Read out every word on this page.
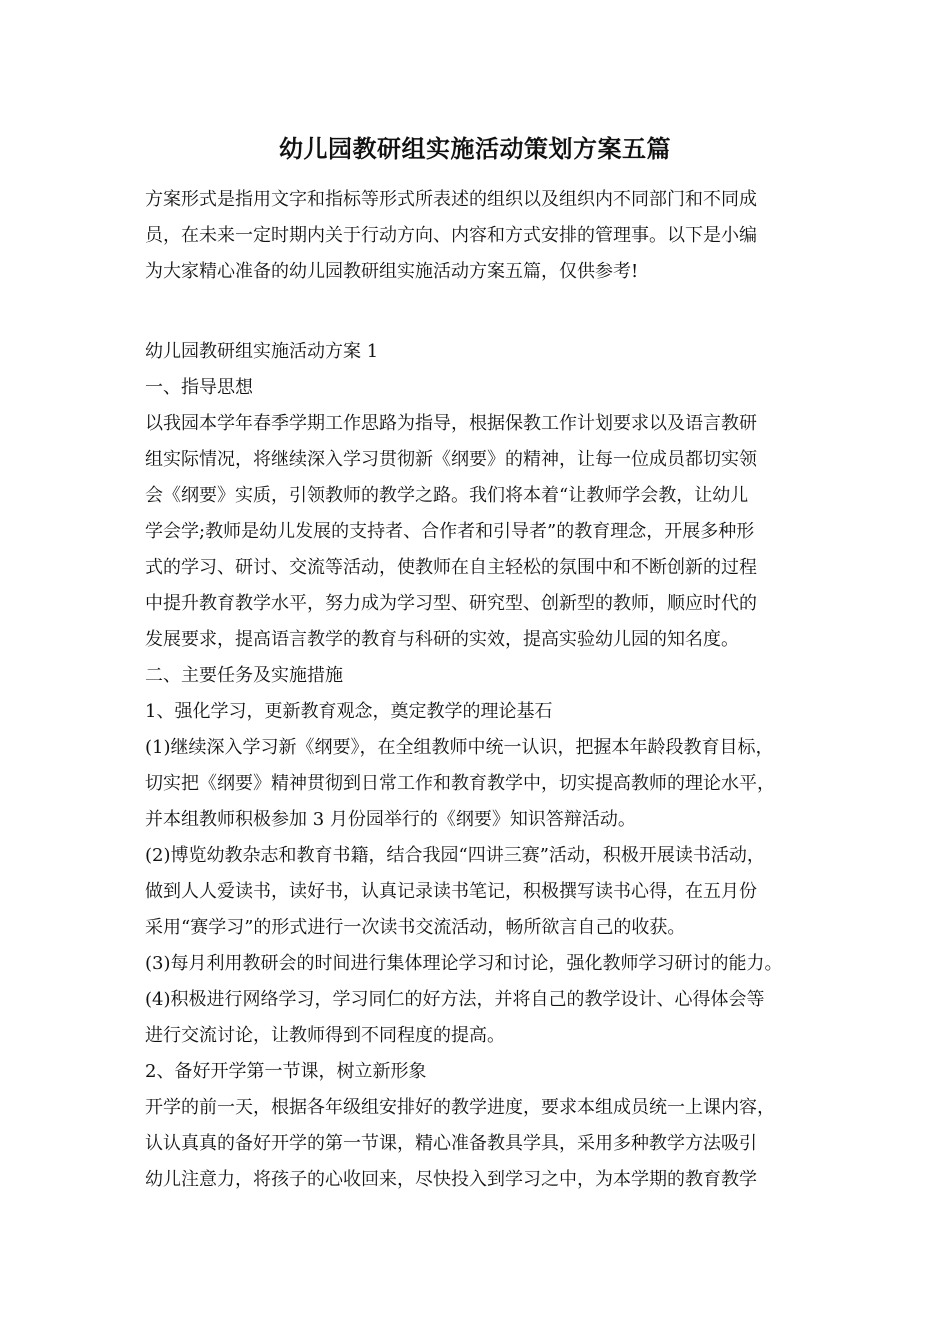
幼儿园教研组实施活动策划方案五篇
方案形式是指用文字和指标等形式所表述的组织以及组织内不同部门和不同成
员，在未来一定时期内关于行动方向、内容和方式安排的管理事。以下是小编
为大家精心准备的幼儿园教研组实施活动方案五篇，仅供参考!
幼儿园教研组实施活动方案 1
一、指导思想
以我园本学年春季学期工作思路为指导，根据保教工作计划要求以及语言教研
组实际情况，将继续深入学习贯彻新《纲要》的精神，让每一位成员都切实领
会《纲要》实质，引领教师的教学之路。我们将本着“让教师学会教，让幼儿
学会学;教师是幼儿发展的支持者、合作者和引导者”的教育理念，开展多种形
式的学习、研讨、交流等活动，使教师在自主轻松的氛围中和不断创新的过程
中提升教育教学水平，努力成为学习型、研究型、创新型的教师，顺应时代的
发展要求，提高语言教学的教育与科研的实效，提高实验幼儿园的知名度。
二、主要任务及实施措施
1、强化学习，更新教育观念，奠定教学的理论基石
(1)继续深入学习新《纲要》，在全组教师中统一认识，把握本年龄段教育目标，
切实把《纲要》精神贯彻到日常工作和教育教学中，切实提高教师的理论水平，
并本组教师积极参加 3 月份园举行的《纲要》知识答辩活动。
(2)博览幼教杂志和教育书籍，结合我园“四讲三赛”活动，积极开展读书活动，
做到人人爱读书，读好书，认真记录读书笔记，积极撰写读书心得，在五月份
采用“赛学习”的形式进行一次读书交流活动，畅所欲言自己的收获。
(3)每月利用教研会的时间进行集体理论学习和讨论，强化教师学习研讨的能力。
(4)积极进行网络学习，学习同仁的好方法，并将自己的教学设计、心得体会等
进行交流讨论，让教师得到不同程度的提高。
2、备好开学第一节课，树立新形象
开学的前一天，根据各年级组安排好的教学进度，要求本组成员统一上课内容，
认认真真的备好开学的第一节课，精心准备教具学具，采用多种教学方法吸引
幼儿注意力，将孩子的心收回来，尽快投入到学习之中，为本学期的教育教学
